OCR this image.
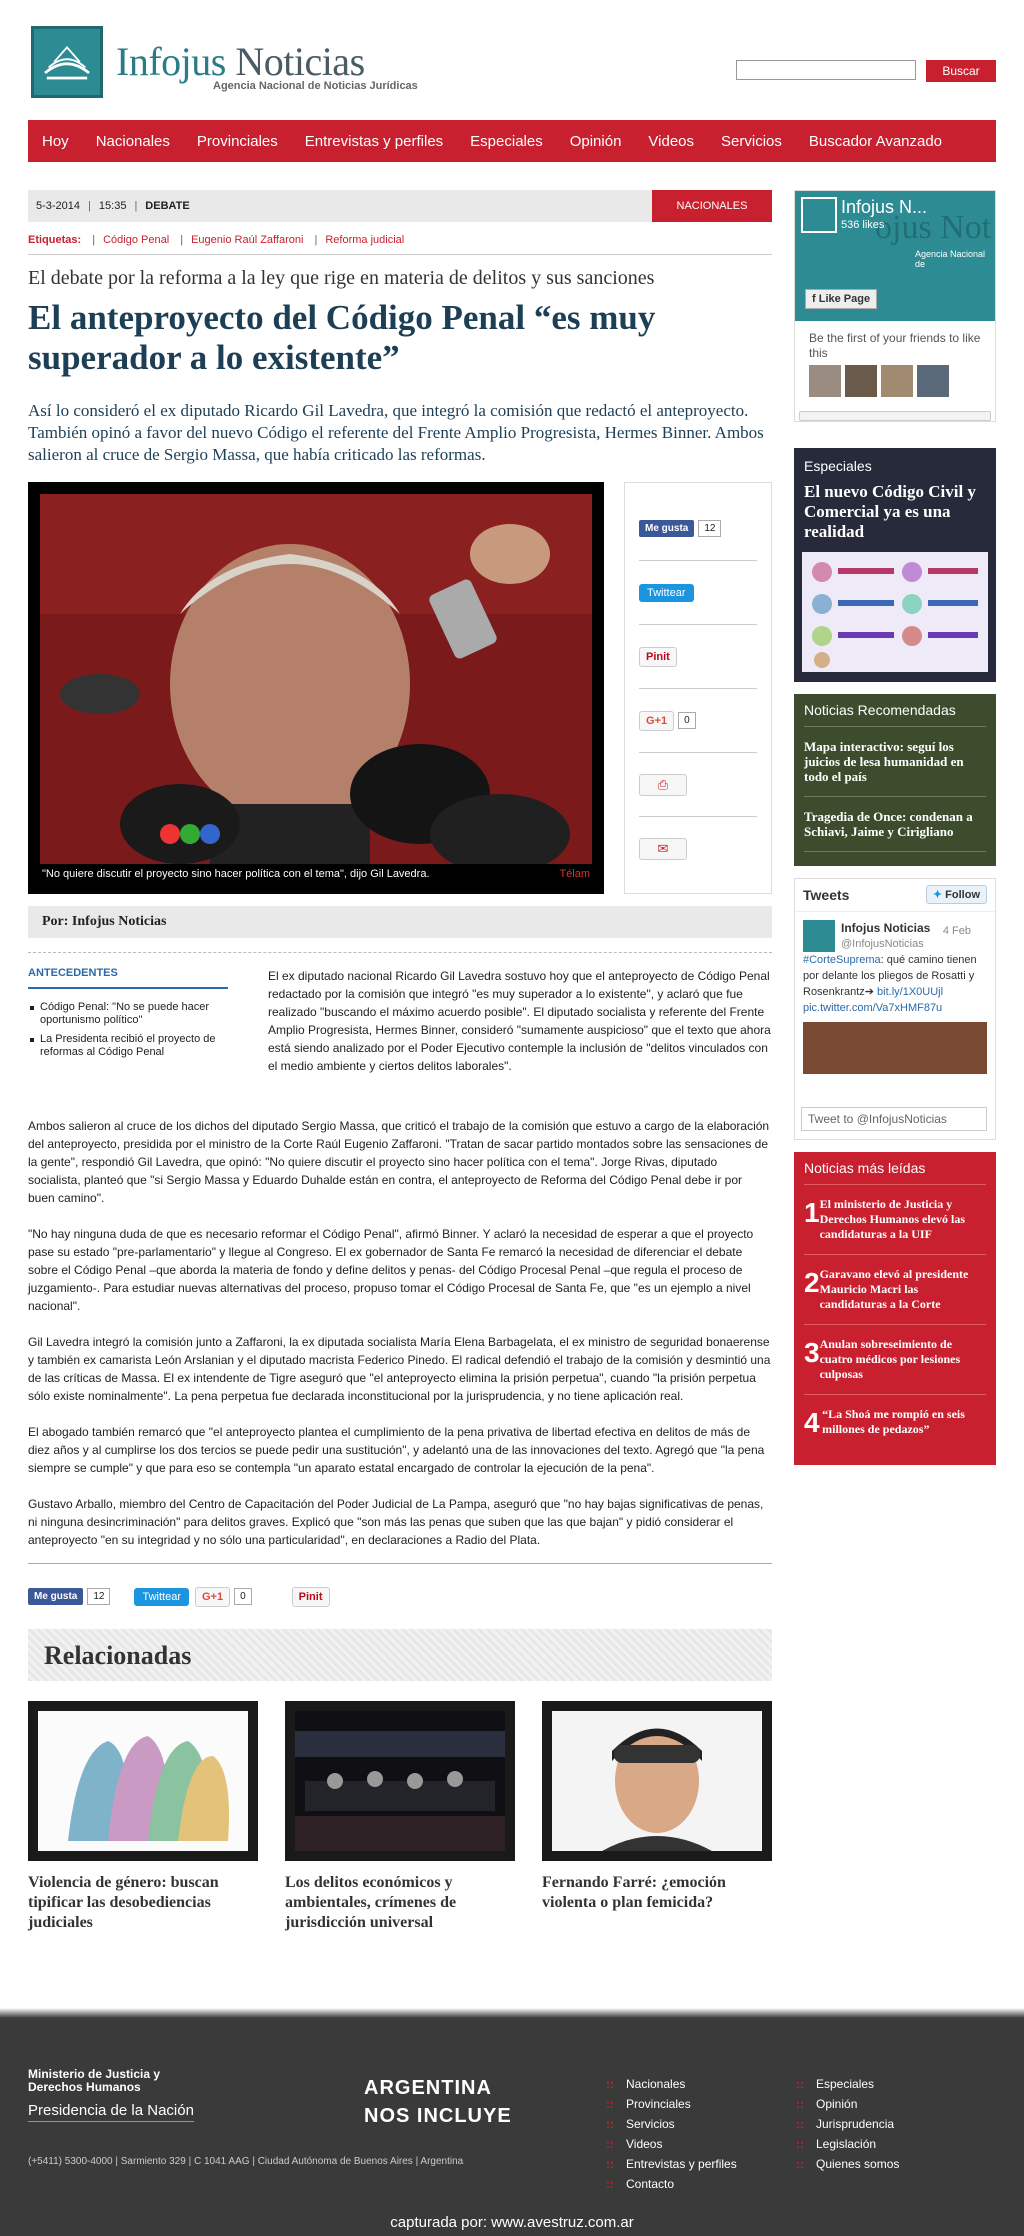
Infojus Noticias
Agencia Nacional de Noticias Jurídicas
Buscar
Hoy Nacionales Provinciales Entrevistas y perfiles Especiales Opinión Videos Servicios Buscador Avanzado
5-3-2014 | 15:35 | DEBATE	NACIONALES
Etiquetas: | Código Penal | Eugenio Raúl Zaffaroni | Reforma judicial
El debate por la reforma a la ley que rige en materia de delitos y sus sanciones
El anteproyecto del Código Penal “es muy superador a lo existente”
Así lo consideró el ex diputado Ricardo Gil Lavedra, que integró la comisión que redactó el anteproyecto. También opinó a favor del nuevo Código el referente del Frente Amplio Progresista, Hermes Binner. Ambos salieron al cruce de Sergio Massa, que había criticado las reformas.
"No quiere discutir el proyecto sino hacer política con el tema", dijo Gil Lavedra.	Télam
Me gusta	12
Twittear
Pinit
G+1	0
⎙
✉
Por: Infojus Noticias
ANTECEDENTES
Código Penal: "No se puede hacer oportunismo político"
La Presidenta recibió el proyecto de reformas al Código Penal

El ex diputado nacional Ricardo Gil Lavedra sostuvo hoy que el anteproyecto de Código Penal redactado por la comisión que integró "es muy superador a lo existente", y aclaró que fue realizado "buscando el máximo acuerdo posible". El diputado socialista y referente del Frente Amplio Progresista, Hermes Binner, consideró "sumamente auspicioso" que el texto que ahora está siendo analizado por el Poder Ejecutivo contemple la inclusión de "delitos vinculados con el medio ambiente y ciertos delitos laborales".

Ambos salieron al cruce de los dichos del diputado Sergio Massa, que criticó el trabajo de la comisión que estuvo a cargo de la elaboración del anteproyecto, presidida por el ministro de la Corte Raúl Eugenio Zaffaroni. "Tratan de sacar partido montados sobre las sensaciones de la gente", respondió Gil Lavedra, que opinó: "No quiere discutir el proyecto sino hacer política con el tema". Jorge Rivas, diputado socialista, planteó que "si Sergio Massa y Eduardo Duhalde están en contra, el anteproyecto de Reforma del Código Penal debe ir por buen camino".

"No hay ninguna duda de que es necesario reformar el Código Penal", afirmó Binner. Y aclaró la necesidad de esperar a que el proyecto pase su estado "pre-parlamentario" y llegue al Congreso. El ex gobernador de Santa Fe remarcó la necesidad de diferenciar el debate sobre el Código Penal –que aborda la materia de fondo y define delitos y penas- del Código Procesal Penal –que regula el proceso de juzgamiento-. Para estudiar nuevas alternativas del proceso, propuso tomar el Código Procesal de Santa Fe, que "es un ejemplo a nivel nacional".

Gil Lavedra integró la comisión junto a Zaffaroni, la ex diputada socialista María Elena Barbagelata, el ex ministro de seguridad bonaerense y también ex camarista León Arslanian y el diputado macrista Federico Pinedo. El radical defendió el trabajo de la comisión y desmintió una de las críticas de Massa. El ex intendente de Tigre aseguró que "el anteproyecto elimina la prisión perpetua", cuando "la prisión perpetua sólo existe nominalmente". La pena perpetua fue declarada inconstitucional por la jurisprudencia, y no tiene aplicación real.

El abogado también remarcó que "el anteproyecto plantea el cumplimiento de la pena privativa de libertad efectiva en delitos de más de diez años y al cumplirse los dos tercios se puede pedir una sustitución", y adelantó una de las innovaciones del texto. Agregó que "la pena siempre se cumple" y que para eso se contempla "un aparato estatal encargado de controlar la ejecución de la pena".

Gustavo Arballo, miembro del Centro de Capacitación del Poder Judicial de La Pampa, aseguró que "no hay bajas significativas de penas, ni ninguna desincriminación" para delitos graves. Explicó que "son más las penas que suben que las que bajan" y pidió considerar el anteproyecto "en su integridad y no sólo una particularidad", en declaraciones a Radio del Plata.

Me gusta	12	Twittear	G+1	0	Pinit
Relacionadas
Violencia de género: buscan tipificar las desobediencias judiciales
Los delitos económicos y ambientales, crímenes de jurisdicción universal
Fernando Farré: ¿emoción violenta o plan femicida?
ojus Not
Infojus N...
536 likes
Agencia Nacional de
f Like Page
Be the first of your friends to like this
Especiales
El nuevo Código Civil y Comercial ya es una realidad
Noticias Recomendadas
Mapa interactivo: seguí los juicios de lesa humanidad en todo el país
Tragedia de Once: condenan a Schiavi, Jaime y Cirigliano
Tweets	✦ Follow
4 Feb
Infojus Noticias
@InfojusNoticias
#CorteSuprema: qué camino tienen por delante los pliegos de Rosatti y Rosenkrantz➔ bit.ly/1X0UUjl pic.twitter.com/Va7xHMF87u
Tweet to @InfojusNoticias
Noticias más leídas
1 El ministerio de Justicia y Derechos Humanos elevó las candidaturas a la UIF
2 Garavano elevó al presidente Mauricio Macri las candidaturas a la Corte
3 Anulan sobreseimiento de cuatro médicos por lesiones culposas
4 “La Shoá me rompió en seis millones de pedazos”
Ministerio de Justicia y Derechos Humanos
Presidencia de la Nación
ARGENTINA
NOS INCLUYE
(+5411) 5300-4000 | Sarmiento 329 | C 1041 AAG | Ciudad Autónoma de Buenos Aires | Argentina
:: Nacionales
:: Provinciales
:: Servicios
:: Videos
:: Entrevistas y perfiles
:: Contacto
:: Especiales
:: Opinión
:: Jurisprudencia
:: Legislación
:: Quienes somos
capturada por: www.avestruz.com.ar
